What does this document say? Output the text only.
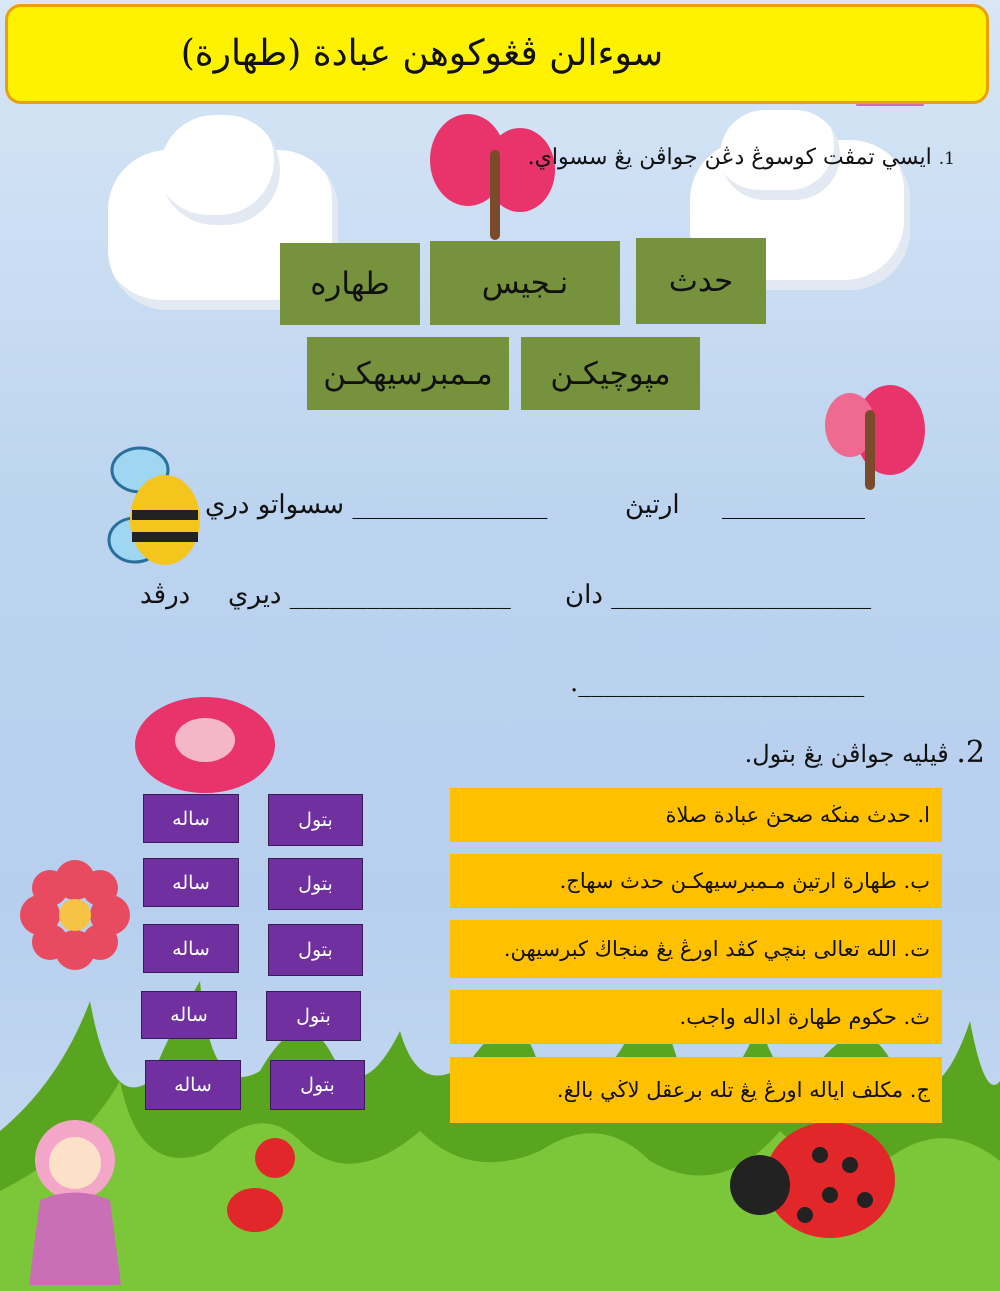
سوءالن ڤڠوكوهن عبادة (طهارة)
1. ايسي تمڤت كوسوڠ دڠن جواڤن يڠ سسواي.
طهاره	نـجيس	حدث
مـمبرسيهكـن	مپوچيكـن
___________
ارتيڽ
_______________ سسواتو دري
____________________ دان
_________________ ديري
درڤد
______________________.
2. ڤيليه جواڤن يڠ بتول.
ا. حدث منڬه صحڽ عبادة صلاة
ب. طهارة ارتيڽ مـمبرسيهكـن حدث سهاج.
ت. الله تعالى بنچي كڤد اورڠ يڠ منجاڬ كبرسيهن.
ث. حكوم طهارة اداله واجب.
ج. مكلف اياله اورڠ يڠ تله برعقل لاڬي بالغ.
بتول
ساله
بتول
ساله
بتول
ساله
بتول
ساله
بتول
ساله
